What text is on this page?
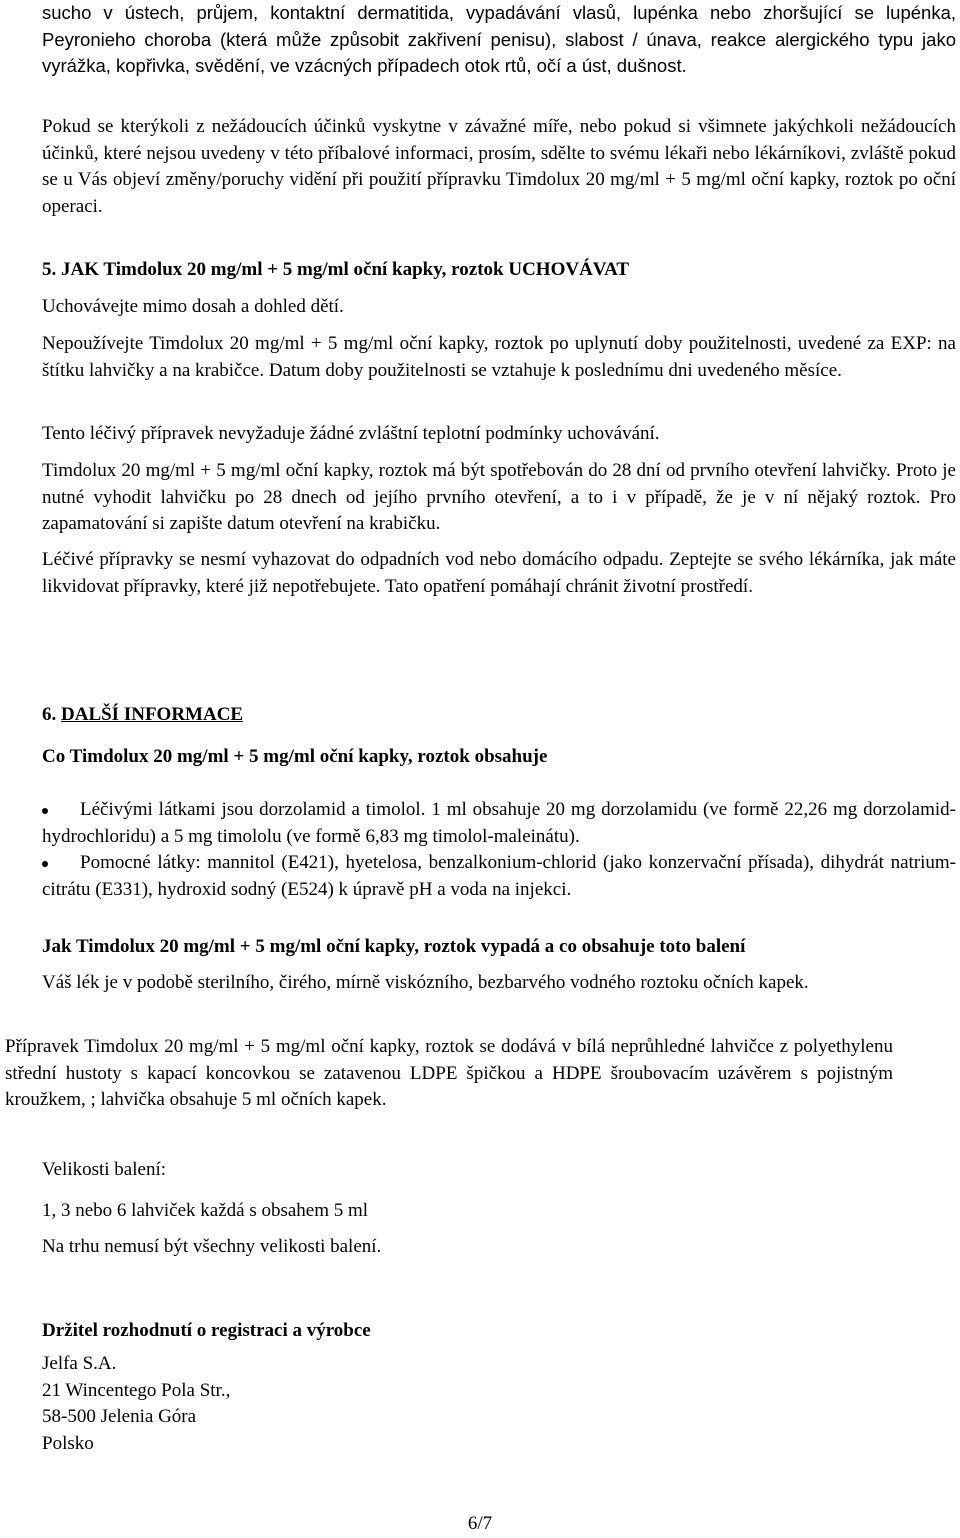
sucho v ústech, průjem, kontaktní dermatitida, vypadávání vlasů, lupénka nebo zhoršující se lupénka, Peyronieho choroba (která může způsobit zakřivení penisu), slabost / únava, reakce alergického typu jako vyrážka, kopřivka, svědění, ve vzácných případech otok rtů, očí a úst, dušnost.

Pokud se kterýkoli z nežádoucích účinků vyskytne v závažné míře, nebo pokud si všimnete jakýchkoli nežádoucích účinků, které nejsou uvedeny v této příbalové informaci, prosím, sdělte to svému lékaři nebo lékárníkovi, zvláště pokud se u Vás objeví změny/poruchy vidění při použití přípravku Timdolux 20 mg/ml + 5 mg/ml oční kapky, roztok po oční operaci.

5. JAK Timdolux 20 mg/ml + 5 mg/ml oční kapky, roztok UCHOVÁVAT

Uchovávejte mimo dosah a dohled dětí.

Nepoužívejte Timdolux 20 mg/ml + 5 mg/ml oční kapky, roztok po uplynutí doby použitelnosti, uvedené za EXP: na štítku lahvičky a na krabičce. Datum doby použitelnosti se vztahuje k poslednímu dni uvedeného měsíce.

Tento léčivý přípravek nevyžaduje žádné zvláštní teplotní podmínky uchovávání.

Timdolux 20 mg/ml + 5 mg/ml oční kapky, roztok má být spotřebován do 28 dní od prvního otevření lahvičky. Proto je nutné vyhodit lahvičku po 28 dnech od jejího prvního otevření, a to i v případě, že je v ní nějaký roztok. Pro zapamatování si zapište datum otevření na krabičku.

Léčivé přípravky se nesmí vyhazovat do odpadních vod nebo domácího odpadu. Zeptejte se svého lékárníka, jak máte likvidovat přípravky, které již nepotřebujete. Tato opatření pomáhají chránit životní prostředí.

6. DALŠÍ INFORMACE

Co Timdolux 20 mg/ml + 5 mg/ml oční kapky, roztok obsahuje

Léčivými látkami jsou dorzolamid a timolol. 1 ml obsahuje 20 mg dorzolamidu (ve formě 22,26 mg dorzolamid- hydrochloridu) a 5 mg timololu (ve formě 6,83 mg timolol-maleinátu).
Pomocné látky: mannitol (E421), hyetelosa, benzalkonium-chlorid (jako konzervační přísada), dihydrát natrium-citrátu (E331), hydroxid sodný (E524) k úpravě pH a voda na injekci.

Jak Timdolux 20 mg/ml + 5 mg/ml oční kapky, roztok vypadá a co obsahuje toto balení

Váš lék je v podobě sterilního, čirého, mírně viskózního, bezbarvého vodného roztoku očních kapek.

Přípravek Timdolux 20 mg/ml + 5 mg/ml oční kapky, roztok se dodává v bílá neprůhledné lahvičce z polyethylenu střední hustoty s kapací koncovkou se zatavenou LDPE špičkou a HDPE šroubovacím uzávěrem s pojistným kroužkem, ; lahvička obsahuje 5 ml očních kapek.

Velikosti balení:

1, 3 nebo 6 lahviček každá s obsahem 5 ml

Na trhu nemusí být všechny velikosti balení.

Držitel rozhodnutí o registraci a výrobce

Jelfa S.A.

21 Wincentego Pola Str.,

58-500 Jelenia Góra

Polsko

6/7
